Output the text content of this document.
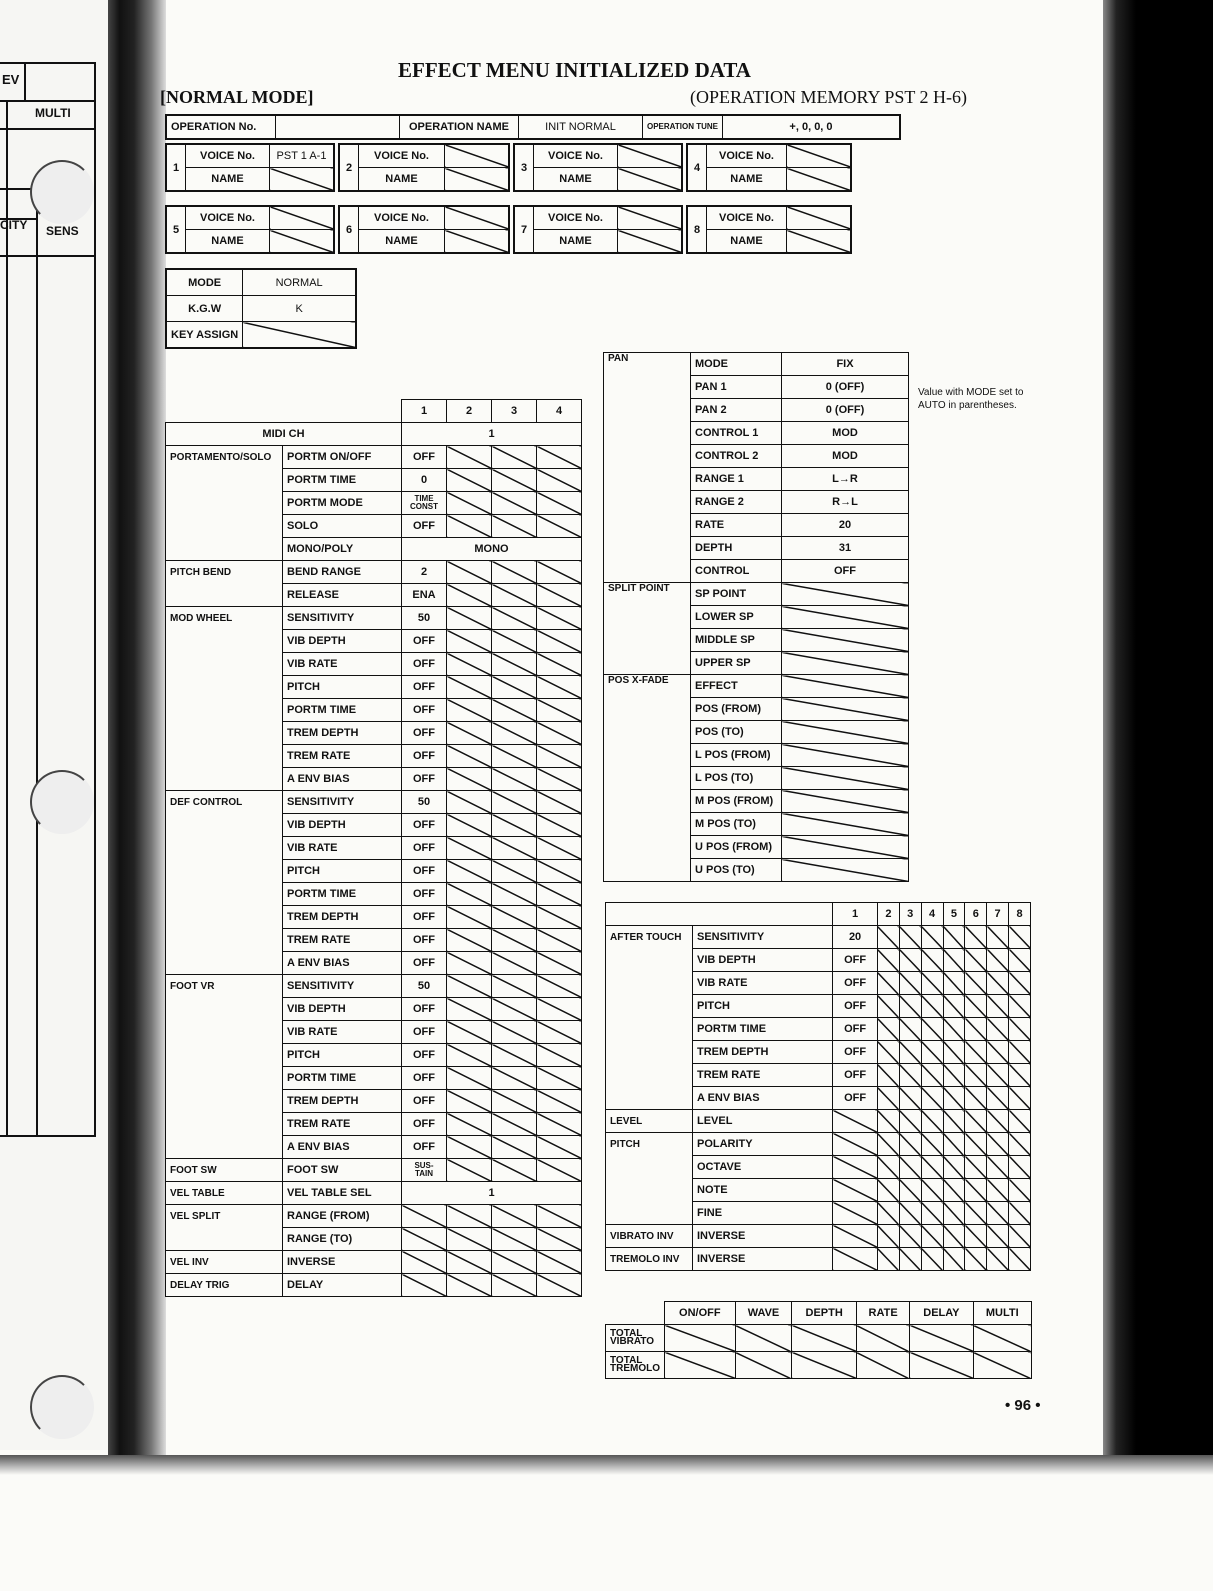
EV
MULTI
CITY SENS
EFFECT MENU INITIALIZED DATA
[NORMAL MODE]	(OPERATION MEMORY PST 2 H-6)
OPERATION No.		OPERATION NAME	INIT NORMAL	OPERATION TUNE	+, 0, 0, 0
1	VOICE No.	PST 1 A-1
	NAME	
2	VOICE No.	
	NAME	
3	VOICE No.	
	NAME	
4	VOICE No.	
	NAME	
5	VOICE No.	
	NAME	
6	VOICE No.	
	NAME	
7	VOICE No.	
	NAME	
8	VOICE No.	
	NAME	
MODE	NORMAL
K.G.W	K
KEY ASSIGN	
		1	2	3	4
MIDI CH		1			
PORTAMENTO/SOLO	PORTM ON/OFF	OFF			
	PORTM TIME	0			
	PORTM MODE	TIME CONST			
	SOLO	OFF			
	MONO/POLY	MONO			
PITCH BEND	BEND RANGE	2			
	RELEASE	ENA			
MOD WHEEL	SENSITIVITY	50			
	VIB DEPTH	OFF			
	VIB RATE	OFF			
	PITCH	OFF			
	PORTM TIME	OFF			
	TREM DEPTH	OFF			
	TREM RATE	OFF			
	A ENV BIAS	OFF			
DEF CONTROL	SENSITIVITY	50			
	VIB DEPTH	OFF			
	VIB RATE	OFF			
	PITCH	OFF			
	PORTM TIME	OFF			
	TREM DEPTH	OFF			
	TREM RATE	OFF			
	A ENV BIAS	OFF			
FOOT VR	SENSITIVITY	50			
	VIB DEPTH	OFF			
	VIB RATE	OFF			
	PITCH	OFF			
	PORTM TIME	OFF			
	TREM DEPTH	OFF			
	TREM RATE	OFF			
	A ENV BIAS	OFF			
FOOT SW	FOOT SW	SUS-TAIN			
VEL TABLE	VEL TABLE SEL	1			
VEL SPLIT	RANGE (FROM)				
	RANGE (TO)				
VEL INV	INVERSE				
DELAY TRIG	DELAY				
PAN	MODE	FIX
	PAN 1	0 (OFF)
	PAN 2	0 (OFF)
	CONTROL 1	MOD
	CONTROL 2	MOD
	RANGE 1	L→R
	RANGE 2	R→L
	RATE	20
	DEPTH	31
	CONTROL	OFF
SPLIT POINT	SP POINT	
	LOWER SP	
	MIDDLE SP	
	UPPER SP	
POS X-FADE	EFFECT	
	POS (FROM)	
	POS (TO)	
	L POS (FROM)	
	L POS (TO)	
	M POS (FROM)	
	M POS (TO)	
	U POS (FROM)	
	U POS (TO)	
Value with MODE set to AUTO in parentheses.
		1	2	3	4	5	6	7	8
AFTER TOUCH	SENSITIVITY	20							
	VIB DEPTH	OFF							
	VIB RATE	OFF							
	PITCH	OFF							
	PORTM TIME	OFF							
	TREM DEPTH	OFF							
	TREM RATE	OFF							
	A ENV BIAS	OFF							
LEVEL	LEVEL								
PITCH	POLARITY								
	OCTAVE								
	NOTE								
	FINE								
VIBRATO INV	INVERSE								
TREMOLO INV	INVERSE								
	ON/OFF	WAVE	DEPTH	RATE	DELAY	MULTI
TOTAL VIBRATO						
TOTAL TREMOLO						
• 96 •
